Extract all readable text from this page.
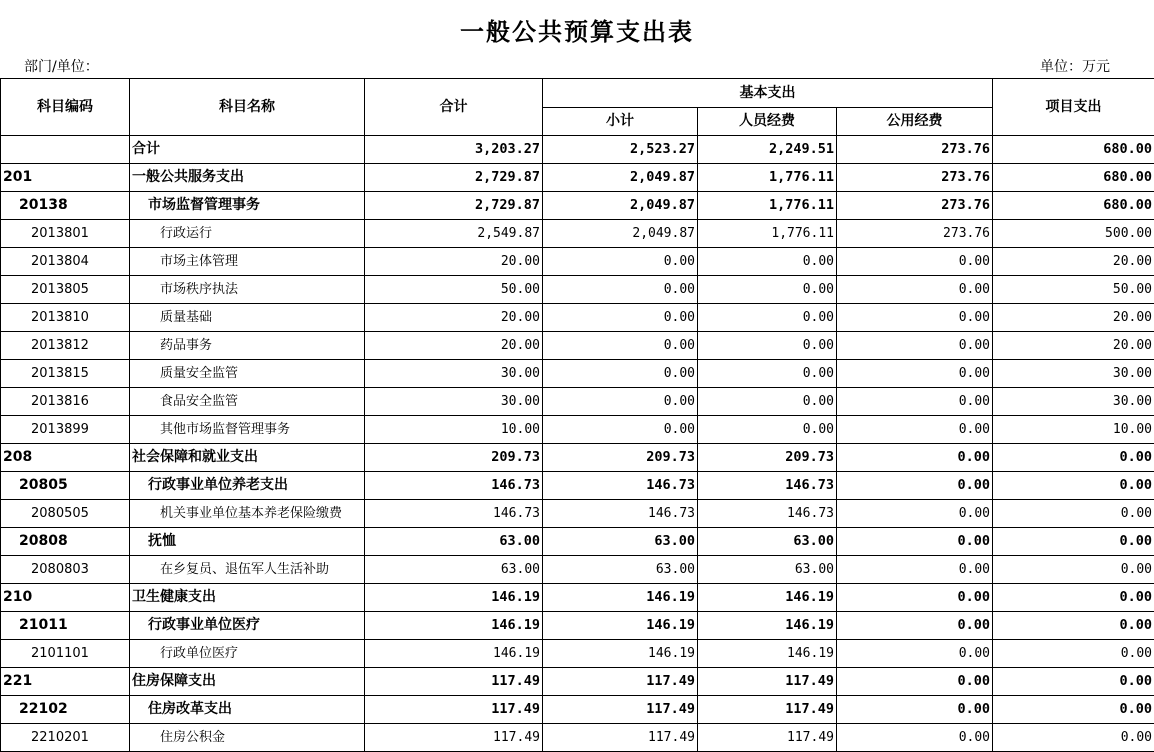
一般公共预算支出表
部门/单位：	单位：万元
科目编码	科目名称	合计	基本支出			项目支出
			小计	人员经费	公用经费	
	合计	3,203.27	2,523.27	2,249.51	273.76	680.00
201	一般公共服务支出	2,729.87	2,049.87	1,776.11	273.76	680.00
20138	市场监督管理事务	2,729.87	2,049.87	1,776.11	273.76	680.00
2013801	行政运行	2,549.87	2,049.87	1,776.11	273.76	500.00
2013804	市场主体管理	20.00	0.00	0.00	0.00	20.00
2013805	市场秩序执法	50.00	0.00	0.00	0.00	50.00
2013810	质量基础	20.00	0.00	0.00	0.00	20.00
2013812	药品事务	20.00	0.00	0.00	0.00	20.00
2013815	质量安全监管	30.00	0.00	0.00	0.00	30.00
2013816	食品安全监管	30.00	0.00	0.00	0.00	30.00
2013899	其他市场监督管理事务	10.00	0.00	0.00	0.00	10.00
208	社会保障和就业支出	209.73	209.73	209.73	0.00	0.00
20805	行政事业单位养老支出	146.73	146.73	146.73	0.00	0.00
2080505	机关事业单位基本养老保险缴费	146.73	146.73	146.73	0.00	0.00
20808	抚恤	63.00	63.00	63.00	0.00	0.00
2080803	在乡复员、退伍军人生活补助	63.00	63.00	63.00	0.00	0.00
210	卫生健康支出	146.19	146.19	146.19	0.00	0.00
21011	行政事业单位医疗	146.19	146.19	146.19	0.00	0.00
2101101	行政单位医疗	146.19	146.19	146.19	0.00	0.00
221	住房保障支出	117.49	117.49	117.49	0.00	0.00
22102	住房改革支出	117.49	117.49	117.49	0.00	0.00
2210201	住房公积金	117.49	117.49	117.49	0.00	0.00
